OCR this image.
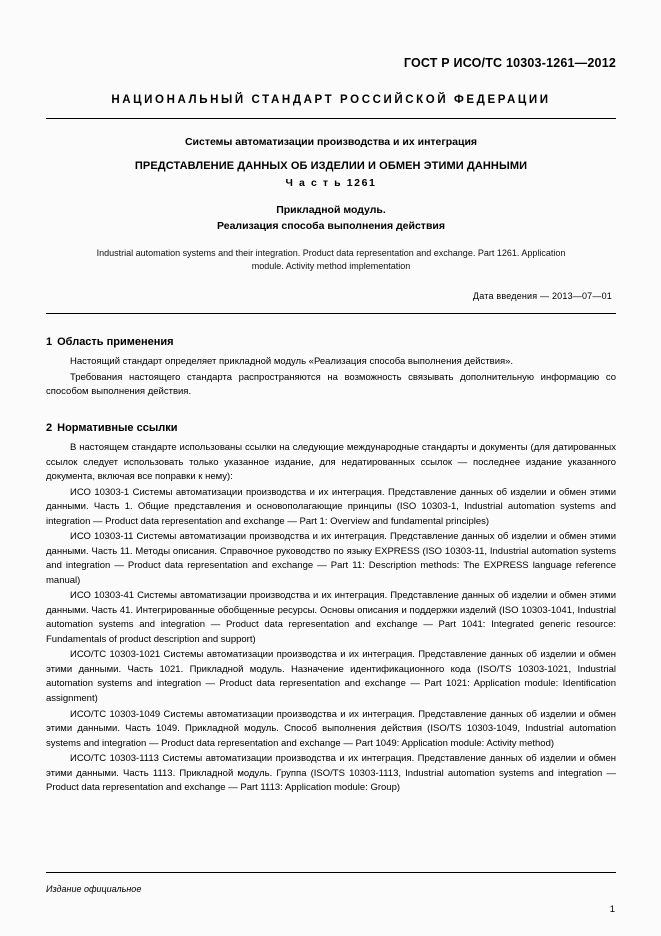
ГОСТ Р ИСО/ТС 10303-1261—2012
НАЦИОНАЛЬНЫЙ СТАНДАРТ РОССИЙСКОЙ ФЕДЕРАЦИИ
Системы автоматизации производства и их интеграция
ПРЕДСТАВЛЕНИЕ ДАННЫХ ОБ ИЗДЕЛИИ И ОБМЕН ЭТИМИ ДАННЫМИ
Ч а с т ь 1261
Прикладной модуль.
Реализация способа выполнения действия
Industrial automation systems and their integration. Product data representation and exchange. Part 1261. Application module. Activity method implementation
Дата введения — 2013—07—01
1 Область применения

Настоящий стандарт определяет прикладной модуль «Реализация способа выполнения действия».

Требования настоящего стандарта распространяются на возможность связывать дополнительную информацию со способом выполнения действия.

2 Нормативные ссылки

В настоящем стандарте использованы ссылки на следующие международные стандарты и документы (для датированных ссылок следует использовать только указанное издание, для недатированных ссылок — последнее издание указанного документа, включая все поправки к нему):

ИСО 10303-1 Системы автоматизации производства и их интеграция. Представление данных об изделии и обмен этими данными. Часть 1. Общие представления и основополагающие принципы (ISO 10303-1, Industrial automation systems and integration — Product data representation and exchange — Part 1: Overview and fundamental principles)

ИСО 10303-11 Системы автоматизации производства и их интеграция. Представление данных об изделии и обмен этими данными. Часть 11. Методы описания. Справочное руководство по языку EXPRESS (ISO 10303-11, Industrial automation systems and integration — Product data representation and exchange — Part 11: Description methods: The EXPRESS language reference manual)

ИСО 10303-41 Системы автоматизации производства и их интеграция. Представление данных об изделии и обмен этими данными. Часть 41. Интегрированные обобщенные ресурсы. Основы описания и поддержки изделий (ISO 10303-1041, Industrial automation systems and integration — Product data representation and exchange — Part 1041: Integrated generic resource: Fundamentals of product description and support)

ИСО/ТС 10303-1021 Системы автоматизации производства и их интеграция. Представление данных об изделии и обмен этими данными. Часть 1021. Прикладной модуль. Назначение идентификационного кода (ISO/TS 10303-1021, Industrial automation systems and integration — Product data representation and exchange — Part 1021: Application module: Identification assignment)

ИСО/ТС 10303-1049 Системы автоматизации производства и их интеграция. Представление данных об изделии и обмен этими данными. Часть 1049. Прикладной модуль. Способ выполнения действия (ISO/TS 10303-1049, Industrial automation systems and integration — Product data representation and exchange — Part 1049: Application module: Activity method)

ИСО/ТС 10303-1113 Системы автоматизации производства и их интеграция. Представление данных об изделии и обмен этими данными. Часть 1113. Прикладной модуль. Группа (ISO/TS 10303-1113, Industrial automation systems and integration — Product data representation and exchange — Part 1113: Application module: Group)

Издание официальное
1
